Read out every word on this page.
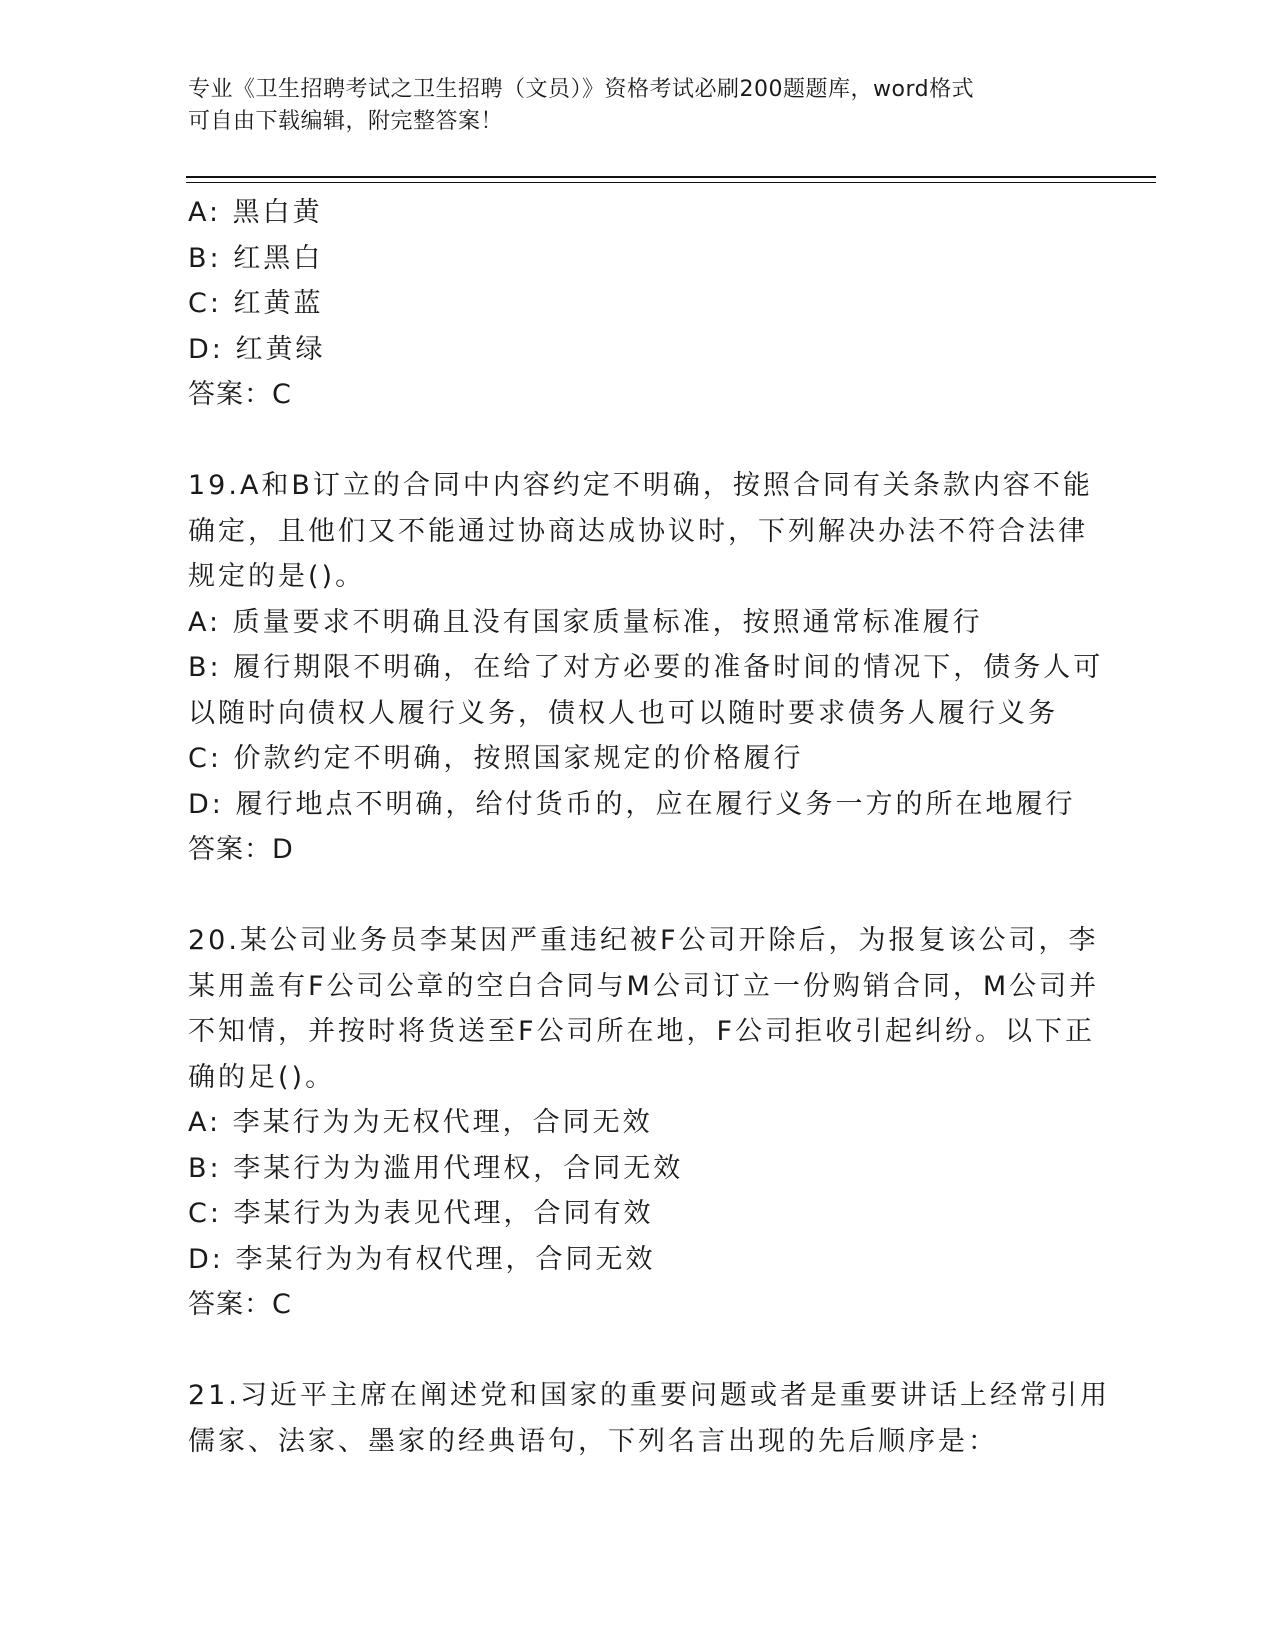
专业《卫生招聘考试之卫生招聘（文员）》资格考试必刷200题题库，word格式
可自由下载编辑，附完整答案！
A: 黑白黄
B: 红黑白
C: 红黄蓝
D: 红黄绿
答案：C
19.A和B订立的合同中内容约定不明确，按照合同有关条款内容不能
确定，且他们又不能通过协商达成协议时，下列解决办法不符合法律
规定的是()。
A: 质量要求不明确且没有国家质量标准，按照通常标准履行
B: 履行期限不明确，在给了对方必要的准备时间的情况下，债务人可
以随时向债权人履行义务，债权人也可以随时要求债务人履行义务
C: 价款约定不明确，按照国家规定的价格履行
D: 履行地点不明确，给付货币的，应在履行义务一方的所在地履行
答案：D
20.某公司业务员李某因严重违纪被F公司开除后，为报复该公司，李
某用盖有F公司公章的空白合同与M公司订立一份购销合同，M公司并
不知情，并按时将货送至F公司所在地，F公司拒收引起纠纷。以下正
确的足()。
A: 李某行为为无权代理，合同无效
B: 李某行为为滥用代理权，合同无效
C: 李某行为为表见代理，合同有效
D: 李某行为为有权代理，合同无效
答案：C
21.习近平主席在阐述党和国家的重要问题或者是重要讲话上经常引用
儒家、法家、墨家的经典语句，下列名言出现的先后顺序是：
